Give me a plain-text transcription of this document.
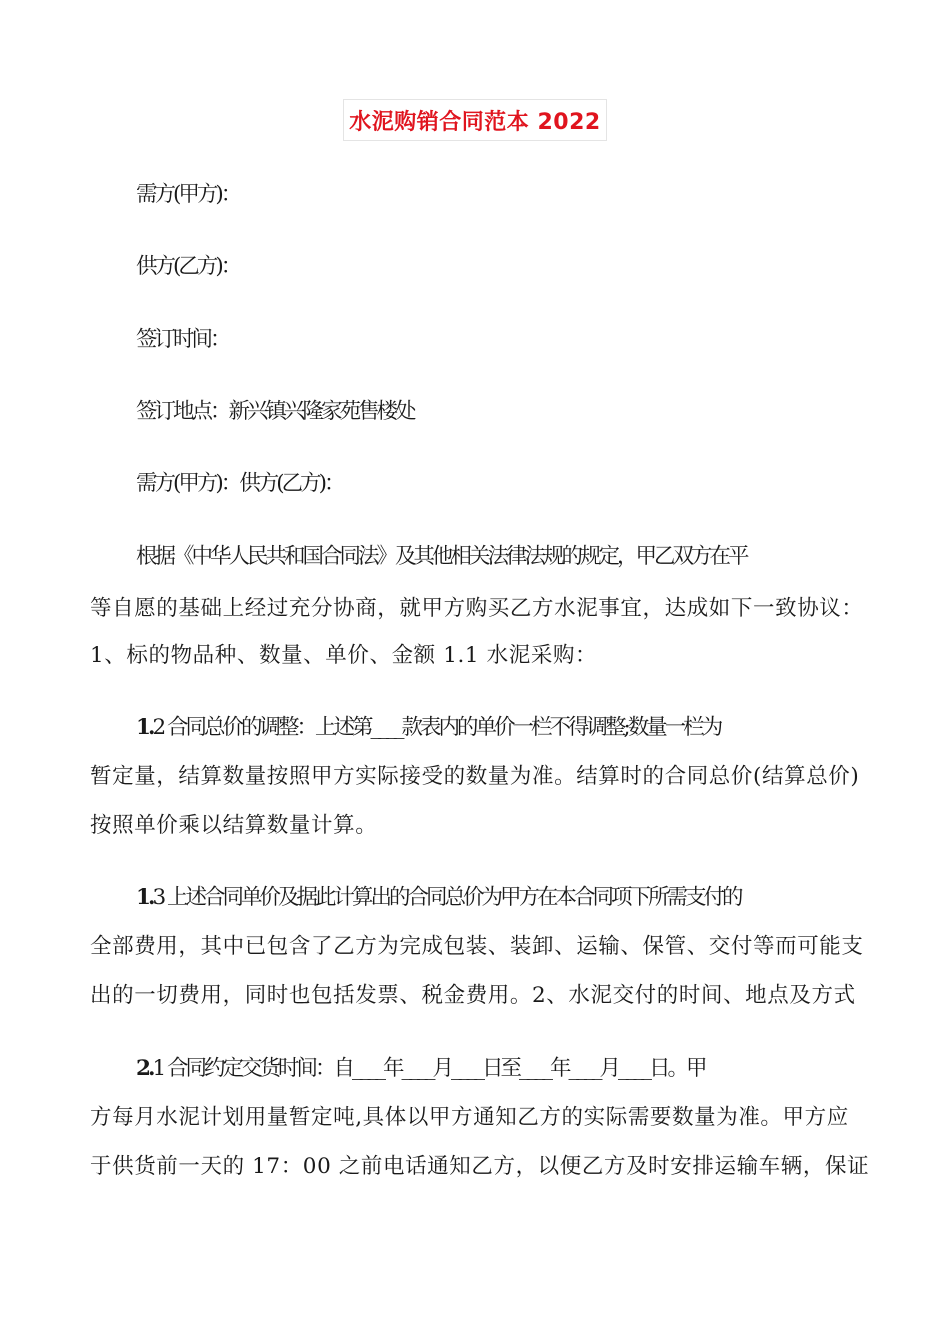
水泥购销合同范本 2022
需方(甲方)：
供方(乙方)：
签订时间：
签订地点：新兴镇兴隆家苑售楼处
需方(甲方)：供方(乙方)：
根据《中华人民共和国合同法》及其他相关法律法规的规定，甲乙双方在平
等自愿的基础上经过充分协商，就甲方购买乙方水泥事宜，达成如下一致协议：
1、标的物品种、数量、单价、金额 1.1 水泥采购：
1.2 合同总价的调整：上述第____款表内的单价一栏不得调整;数量一栏为
暂定量，结算数量按照甲方实际接受的数量为准。结算时的合同总价(结算总价)
按照单价乘以结算数量计算。
1.3 上述合同单价及据此计算出的合同总价为甲方在本合同项下所需支付的
全部费用，其中已包含了乙方为完成包装、装卸、运输、保管、交付等而可能支
出的一切费用，同时也包括发票、税金费用。2、水泥交付的时间、地点及方式
2.1 合同约定交货时间：自____年____月____日至____年____月____日。甲
方每月水泥计划用量暂定吨,具体以甲方通知乙方的实际需要数量为准。甲方应
于供货前一天的 17：00 之前电话通知乙方，以便乙方及时安排运输车辆，保证
